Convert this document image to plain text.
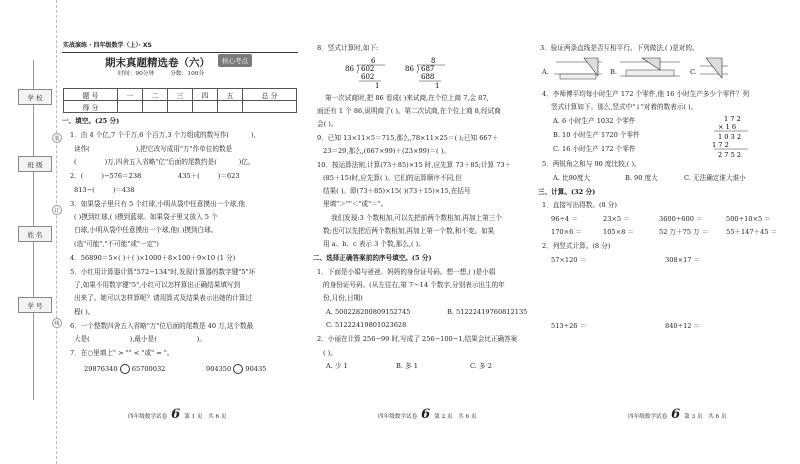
学 校
班 级
姓 名
学 号
装
订
线
实战演练 · 四年级数学（上）· XS
期末真题精选卷（六）
时间：90分钟	分数：100分
核心考点
题 号	一	二	三	四	五	总 分
得 分						
一、填空。(25 分)
1．由 4 个亿,7 个千万,6 个百万,3 个万组成的数写作(	),
读作(	),把它改写成用"万"作单位的数是
(	)万,四舍五入省略"亿"后面的尾数约是(	)亿。
2．(	)−576＝238	435＋(	)＝623
813−(	)＝438
3．如果袋子里只有 5 个红球,小明从袋中任意摸出一个球,他
( )摸到红球,( )摸到蓝球。如果袋子里又放入 5 个
白球,小明从袋中任意摸出一个球,他( )摸到白球。
(选"可能","不可能"或"一定")
4．56890＝5×( )＋( )×1000＋8×100＋9×10 (1 分)
5．小红用计算器计算"572−134"时,发现计算器的数字键"5"坏
了,如果不用数字键"5",小红可以怎样算出正确结果填写到
出来了。她可以怎样算呢？请用算式及结果表示出她的计算过
程( )。
6．一个整数四舍五入省略"万"位后面的尾数是 40 万,这个数最
大是(	),最小是(	)。
7．在○里填上" > "" < "或" = "。
29876340 65700032	904350 90435
四年级数学试卷 6 第 1 页　共 6 页
8．竖式计算时,如下:
6
86 602
602
1
8
86 687
688
1
第一次试商时,把 86 看成( )来试商,在个位上商 7,会 87,
面还有 1 个 86,说明商了( )。第二次试商,在个位上商 8,经试商
会( )。
9．已知 13×11×5＝715,那么,78×11×25＝( );已知 667＋
23＝29,那么,(667×99)＋(23×99)＝( )。
10．按运算法则,计算(73＋85)×15 时,应先算 73＋85;计算 73＋
(85＋15)时,应先算( )。它们的运算顺序不同,但
结果( )。即(73＋85)×15( )(73＋15)×15,在括号
里填"＞""＜"或"＝"。
我们发现:3 个数相加,可以先把前两个数相加,再加上第三个
数;也可以先把后两个数相加,再加上第一个数,和不变。如果
用 a、b、c 表示 3 个数,那么,( )。
二、选择正确答案前的序号填空。(5 分)
1．下面是小娟与爸爸、妈妈的身份证号码。想一想,( )是小娟
的身份证号码。(从左往右,第 7～14 个数字,分别表示出生的年
份,月份,日期)
A. 500228200809152745	B. 51222419760812135
C. 51222419801023628
2．小丽在计算 256−99 时,写成了 256−100−1,结果会比正确答案
( )。
A. 少 1	B. 多 1	C. 多 2
四年级数学试卷 6 第 2 页　共 6 页
3．验证两条直线是否互相平行。下列做法,( )是对的。
A.	B.	C.
4．李师傅平均每小时生产 172 个零件,他 16 小时生产多少个零件？列
竖式计算如下。那么,竖式中"↓"对着的数表示( )。
A. 6 小时生产 1032 个零件
B. 10 小时生产 1720 个零件
C. 16 小时生产 172 个零件
1 7 2
× 1 6
1 0 3 2
1 7 2
2 7 5 2
5．两锐角之和与 90 度比较,( )。
A. 比90度大	B. 90 度大	C. 无法确定谁大谁小
三、计算。(32 分)
1．直接写出得数。(8 分)
96÷4 ＝	23×5 ＝	3600÷600 ＝	500÷10×5 ＝
170×6 ＝	105×8 ＝	52 万＋75 万 ＝	55＋147＋45 ＝
2．列竖式计算。(8 分)
57×120 ＝	308×17 ＝
513÷26 ＝	840÷12 ＝
四年级数学试卷 6 第 3 页　共 6 页
